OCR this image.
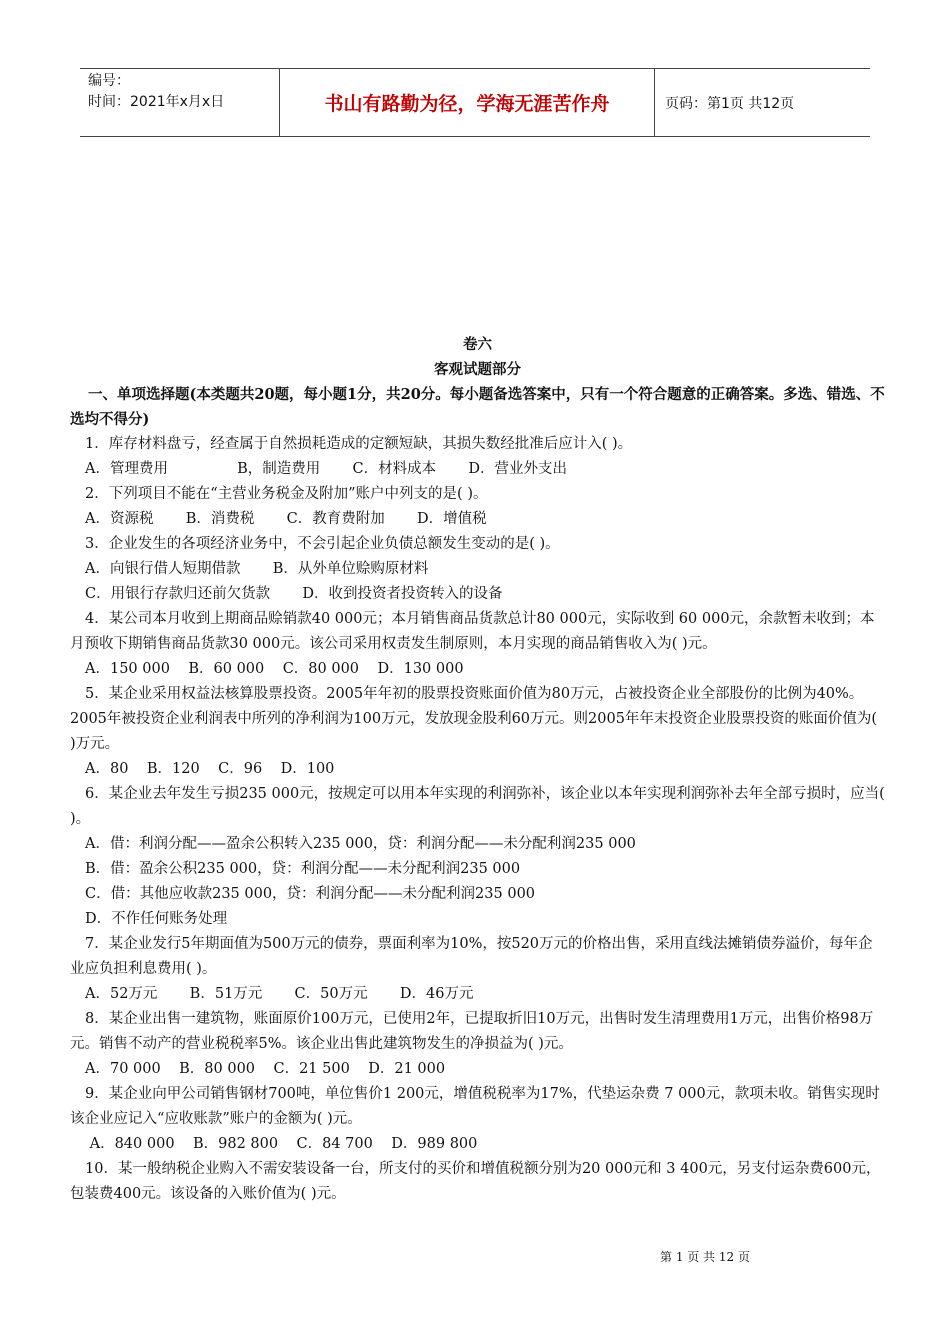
编号：
时间：2021年x月x日	书山有路勤为径，学海无涯苦作舟	页码：第1页 共12页
卷六
客观试题部分
一、单项选择题(本类题共20题，每小题1分，共20分。每小题备选答案中，只有一个符合题意的正确答案。多选、错选、不选均不得分)
1．库存材料盘亏，经查属于自然损耗造成的定额短缺，其损失数经批准后应计入( )。
A．管理费用               B，制造费用       C．材料成本       D．营业外支出
2．下列项目不能在“主营业务税金及附加”账户中列支的是( )。
A．资源税       B．消费税       C．教育费附加       D．增值税
3．企业发生的各项经济业务中，不会引起企业负债总额发生变动的是( )。
A．向银行借人短期借款       B．从外单位赊购原材料
C．用银行存款归还前欠货款       D．收到投资者投资转入的设备
4．某公司本月收到上期商品赊销款40 000元；本月销售商品货款总计80 000元，实际收到 60 000元，余款暂未收到；本月预收下期销售商品货款30 000元。该公司采用权责发生制原则，本月实现的商品销售收入为( )元。
A．150 000    B．60 000    C．80 000    D．130 000
5．某企业采用权益法核算股票投资。2005年年初的股票投资账面价值为80万元，占被投资企业全部股份的比例为40%。2005年被投资企业利润表中所列的净利润为100万元，发放现金股利60万元。则2005年年末投资企业股票投资的账面价值为( )万元。
A．80    B．120    C．96    D．100
6．某企业去年发生亏损235 000元，按规定可以用本年实现的利润弥补，该企业以本年实现利润弥补去年全部亏损时，应当( )。
A．借：利润分配——盈余公积转入235 000，贷：利润分配——未分配利润235 000
B．借：盈余公积235 000，贷：利润分配——未分配利润235 000
C．借：其他应收款235 000，贷：利润分配——未分配利润235 000
D．不作任何账务处理
7．某企业发行5年期面值为500万元的债券，票面利率为10%，按520万元的价格出售，采用直线法摊销债券溢价，每年企业应负担利息费用( )。
A．52万元       B．51万元       C．50万元       D．46万元
8．某企业出售一建筑物，账面原价100万元，已使用2年，已提取折旧10万元，出售时发生清理费用1万元，出售价格98万元。销售不动产的营业税税率5%。该企业出售此建筑物发生的净损益为( )元。
A．70 000    B．80 000    C．21 500    D．21 000
9．某企业向甲公司销售钢材700吨，单位售价1 200元，增值税税率为17%，代垫运杂费 7 000元，款项未收。销售实现时该企业应记入“应收账款”账户的金额为( )元。
A．840 000    B．982 800    C．84 700    D．989 800
10．某一般纳税企业购入不需安装设备一台，所支付的买价和增值税额分别为20 000元和 3 400元，另支付运杂费600元，包装费400元。该设备的入账价值为( )元。
第 1 页 共 12 页
